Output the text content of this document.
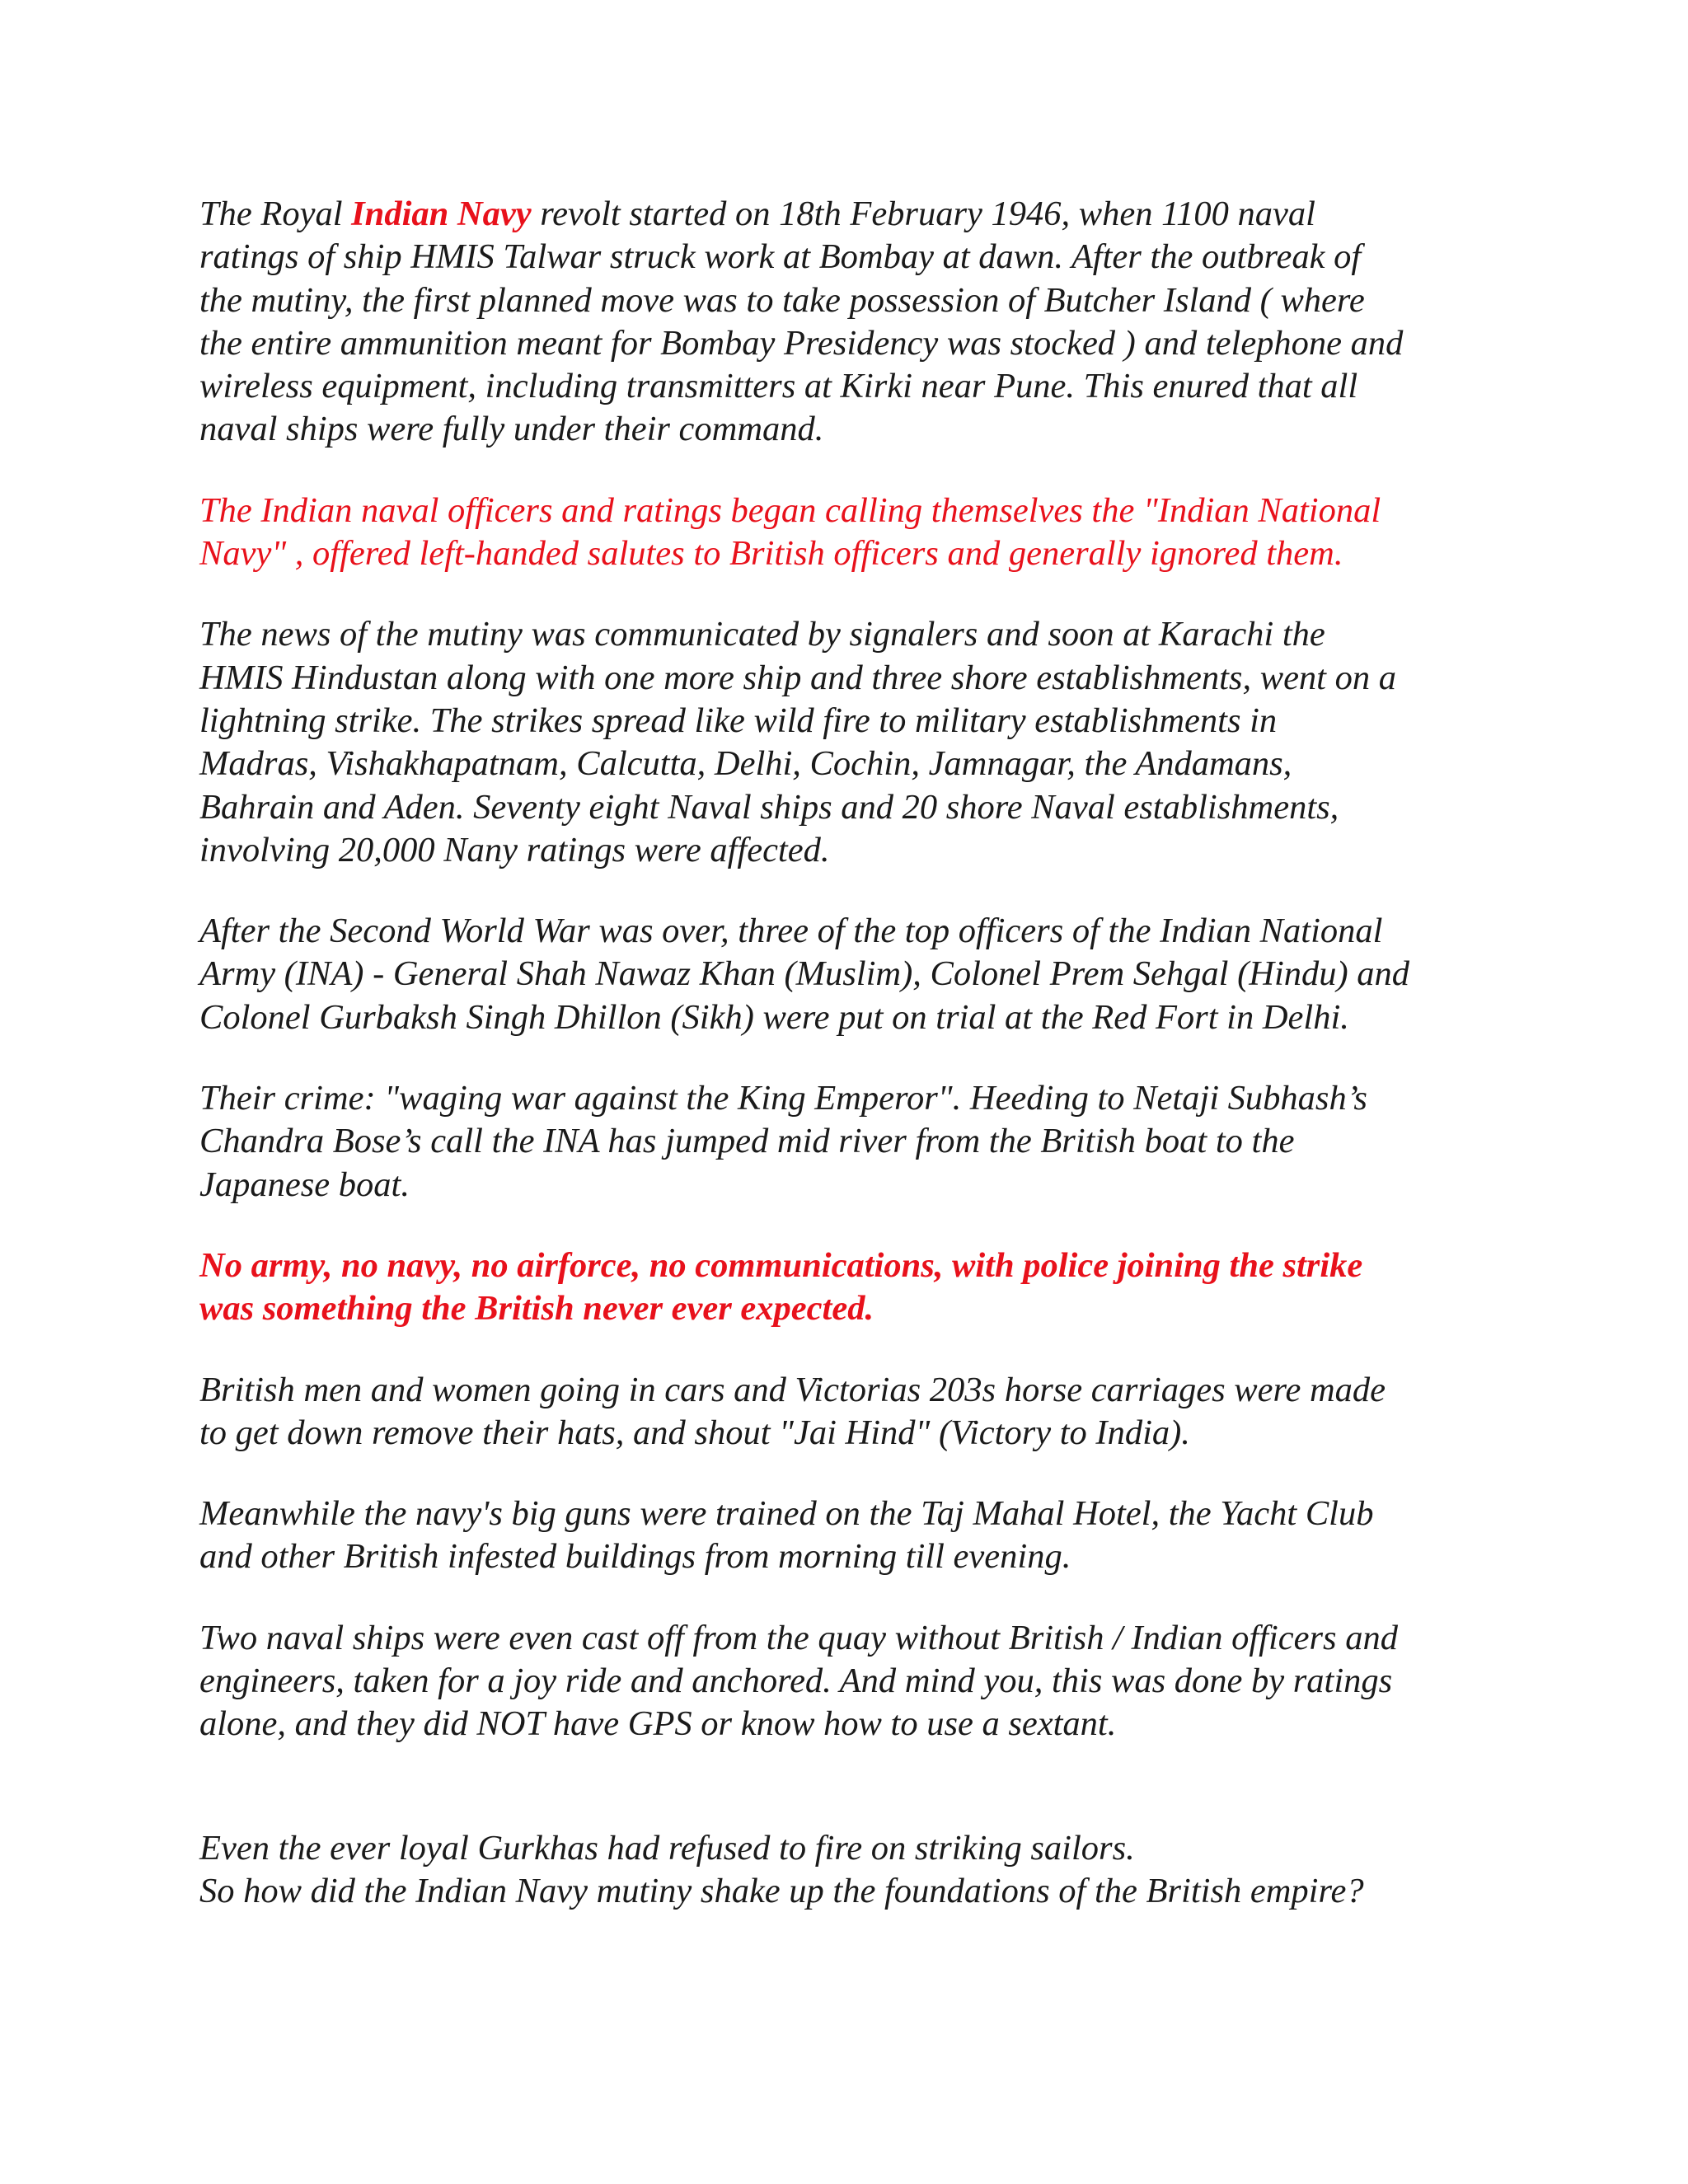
The Royal Indian Navy revolt started on 18th February 1946, when 1100 naval
ratings of ship HMIS Talwar struck work at Bombay at dawn. After the outbreak of
the mutiny, the first planned move was to take possession of Butcher Island ( where
the entire ammunition meant for Bombay Presidency was stocked ) and telephone and
wireless equipment, including transmitters at Kirki near Pune. This enured that all
naval ships were fully under their command.

The Indian naval officers and ratings began calling themselves the "Indian National
Navy" , offered left-handed salutes to British officers and generally ignored them.

The news of the mutiny was communicated by signalers and soon at Karachi the
HMIS Hindustan along with one more ship and three shore establishments, went on a
lightning strike. The strikes spread like wild fire to military establishments in
Madras, Vishakhapatnam, Calcutta, Delhi, Cochin, Jamnagar, the Andamans,
Bahrain and Aden. Seventy eight Naval ships and 20 shore Naval establishments,
involving 20,000 Nany ratings were affected.

After the Second World War was over, three of the top officers of the Indian National
Army (INA) - General Shah Nawaz Khan (Muslim), Colonel Prem Sehgal (Hindu) and
Colonel Gurbaksh Singh Dhillon (Sikh) were put on trial at the Red Fort in Delhi.

Their crime: "waging war against the King Emperor". Heeding to Netaji Subhash’s
Chandra Bose’s call the INA has jumped mid river from the British boat to the
Japanese boat.

No army, no navy, no airforce, no communications, with police joining the strike
was something the British never ever expected.

British men and women going in cars and Victorias 203s horse carriages were made
to get down remove their hats, and shout "Jai Hind" (Victory to India).

Meanwhile the navy's big guns were trained on the Taj Mahal Hotel, the Yacht Club
and other British infested buildings from morning till evening.

Two naval ships were even cast off from the quay without British / Indian officers and
engineers, taken for a joy ride and anchored. And mind you, this was done by ratings
alone, and they did NOT have GPS or know how to use a sextant.

Even the ever loyal Gurkhas had refused to fire on striking sailors.
So how did the Indian Navy mutiny shake up the foundations of the British empire?
